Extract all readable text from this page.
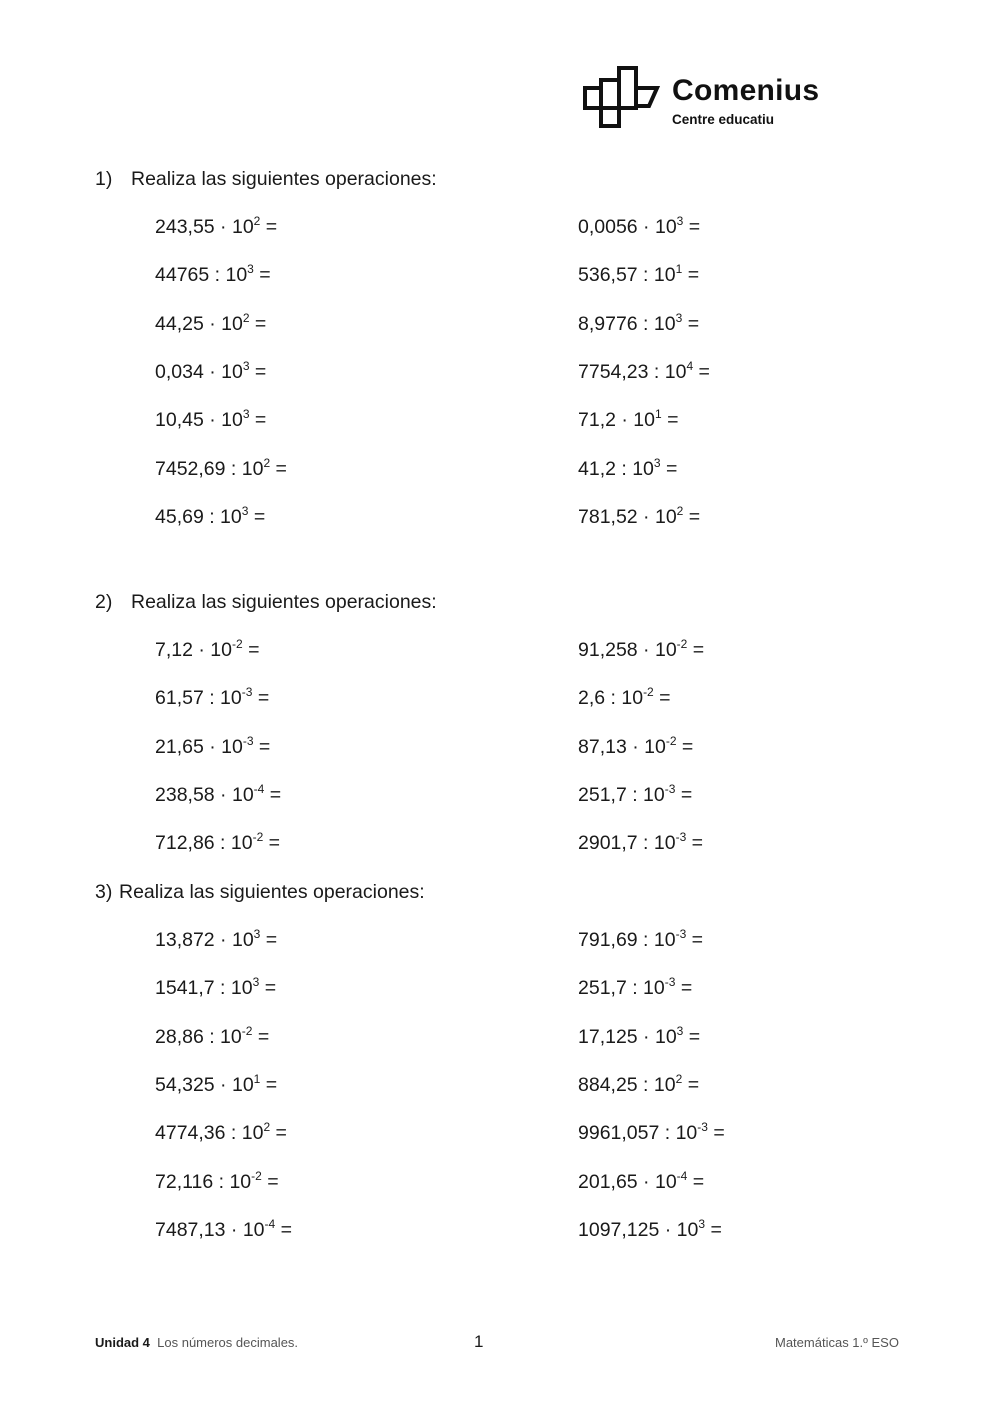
Comenius
Centre educatiu
1) Realiza las siguientes operaciones:
$243,55 \cdot 10^2$ =
44765 : $10^3$ =
$44,25 \cdot 10^2$ =
$0,034 \cdot 10^3$ =
$10,45 \cdot 10^3$ =
7452,69 : $10^2$ =
45,69 : $10^3$ =
$0,0056 \cdot 10^3$ =
536,57 : $10^1$ =
8,9776 : $10^3$ =
7754,23 : $10^4$ =
$71,2 \cdot 10^1$ =
41,2 : $10^3$ =
$781,52 \cdot 10^2$ =
2) Realiza las siguientes operaciones:
$7,12 \cdot 10^{-2}$ =
61,57 : $10^{-3}$ =
$21,65 \cdot 10^{-3}$ =
$238,58 \cdot 10^{-4}$ =
712,86 : $10^{-2}$ =
$91,258 \cdot 10^{-2}$ =
2,6 : $10^{-2}$ =
$87,13 \cdot 10^{-2}$ =
251,7 : $10^{-3}$ =
2901,7 : $10^{-3}$ =
3) Realiza las siguientes operaciones:
$13,872 \cdot 10^3$ =
1541,7 : $10^3$ =
28,86 : $10^{-2}$ =
$54,325 \cdot 10^1$ =
4774,36 : $10^2$ =
72,116 : $10^{-2}$ =
$7487,13 \cdot 10^{-4}$ =
791,69 : $10^{-3}$ =
251,7 : $10^{-3}$ =
$17,125 \cdot 10^3$ =
884,25 : $10^2$ =
9961,057 : $10^{-3}$ =
$201,65 \cdot 10^{-4}$ =
$1097,125 \cdot 10^3$ =
Unidad 4 Los números decimales.	1	Matemáticas 1.º ESO
